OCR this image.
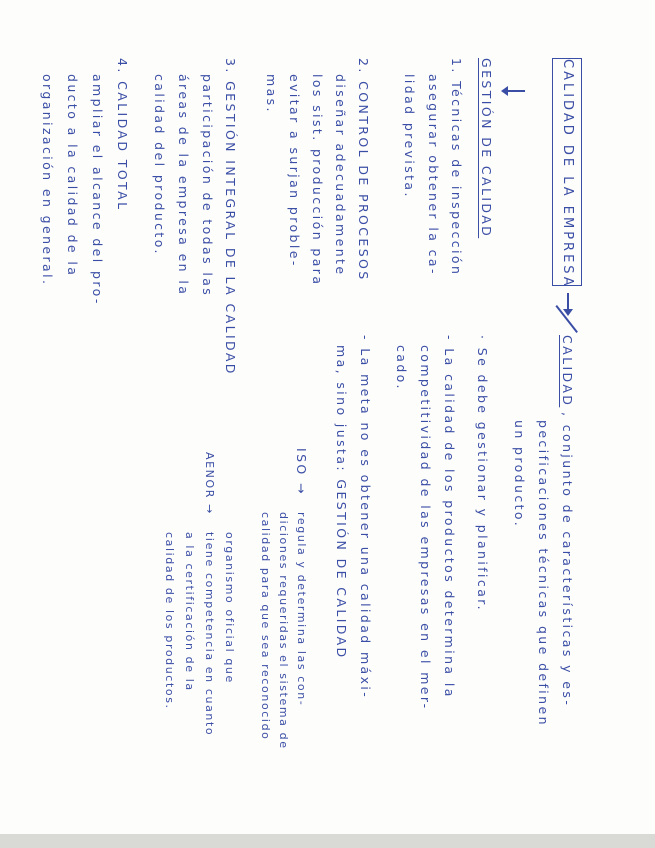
CALIDAD DE LA EMPRESA
GESTIÓN DE CALIDAD
1. Técnicas de inspección
asegurar obtener la ca-
lidad prevista.
2. CONTROL DE PROCESOS
diseñar adecuadamente
los sist. producción para
evitar a surjan proble-
mas.
3. GESTIÓN INTEGRAL DE LA CALIDAD
participación de todas las
áreas de la empresa en la
calidad del producto.
4. CALIDAD TOTAL
ampliar el alcance del pro-
ducto a la calidad de la
organización en general.
CALIDAD
, conjunto de características y es-
pecificaciones técnicas que definen
un producto.
· Se debe gestionar y planificar.
- La calidad de los productos determina la
competitividad de las empresas en el mer-
cado.
- La meta no es obtener una calidad máxi-
ma, sino justa: GESTIÓN DE CALIDAD
ISO →
regula y determina las con-
diciones requeridas el sistema de
calidad para que sea reconocido
AENOR →
organismo oficial que
tiene competencia en cuanto
a la certificación de la
calidad de los productos.
